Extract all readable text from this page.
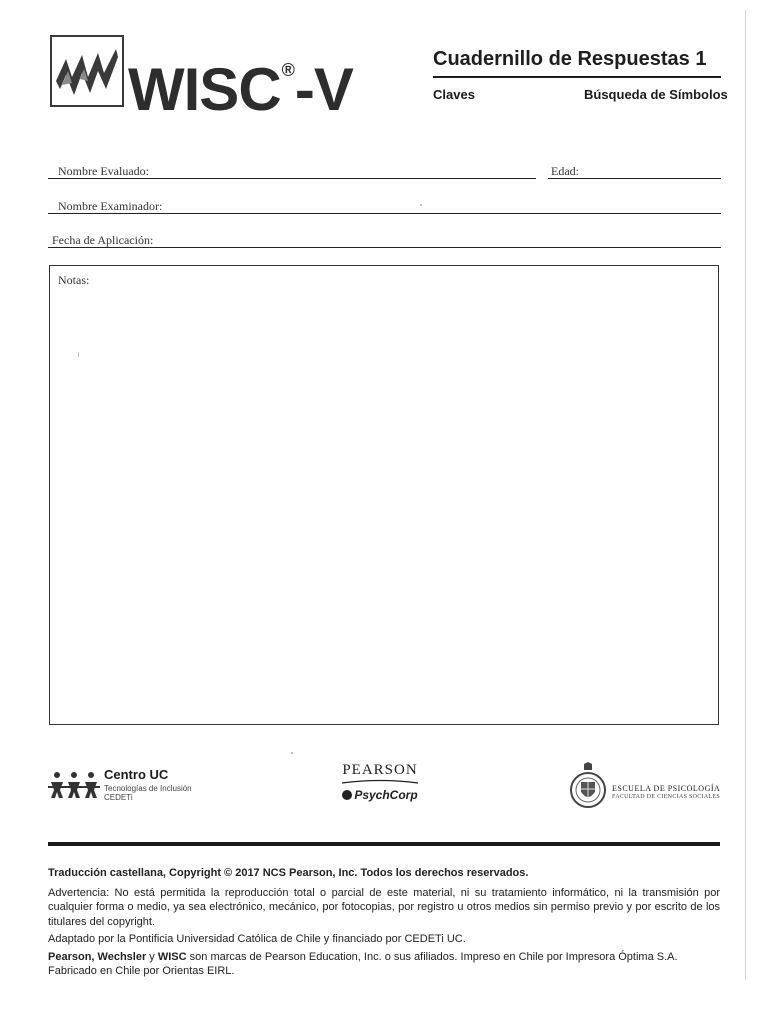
WISC®-V	Cuadernillo de Respuestas 1
Claves	Búsqueda de Símbolos
Nombre Evaluado:	Edad:
Nombre Examinador:
Fecha de Aplicación:
Notas:
Centro UC
Tecnologías de Inclusión
CEDETi
PEARSON
PsychCorp	ESCUELA DE PSICOLOGÍA
FACULTAD DE CIENCIAS SOCIALES

Traducción castellana, Copyright © 2017 NCS Pearson, Inc. Todos los derechos reservados.

Advertencia: No está permitida la reproducción total o parcial de este material, ni su tratamiento informático, ni la transmisión por cualquier forma o medio, ya sea electrónico, mecánico, por fotocopias, por registro u otros medios sin permiso previo y por escrito de los titulares del copyright.

Adaptado por la Pontificia Universidad Católica de Chile y financiado por CEDETi UC.

Pearson, Wechsler y WISC son marcas de Pearson Education, Inc. o sus afiliados. Impreso en Chile por Impresora Óptima S.A. Fabricado en Chile por Orientas EIRL.
